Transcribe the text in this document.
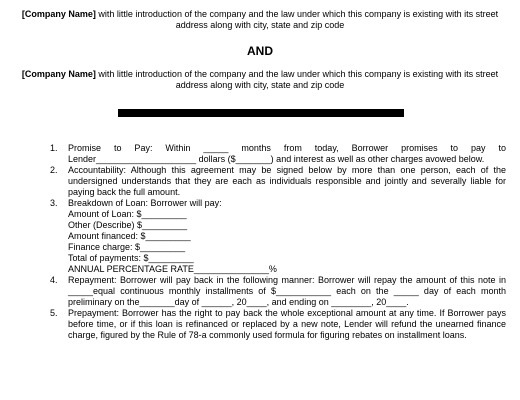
[Company Name] with little introduction of the company and the law under which this company is existing with its street address along with city, state and zip code
AND
[Company Name] with little introduction of the company and the law under which this company is existing with its street address along with city, state and zip code
1.	Promise to Pay: Within _____ months from today, Borrower promises to pay to Lender____________________ dollars ($_______) and interest as well as other charges avowed below.
2.	Accountability: Although this agreement may be signed below by more than one person, each of the undersigned understands that they are each as individuals responsible and jointly and severally liable for paying back the full amount.
3.	Breakdown of Loan: Borrower will pay:
Amount of Loan: $_________
Other (Describe) $_________
Amount financed: $_________
Finance charge: $_________
Total of payments: $_________
ANNUAL PERCENTAGE RATE_______________%
4.	Repayment: Borrower will pay back in the following manner: Borrower will repay the amount of this note in _____equal continuous monthly installments of $___________ each on the _____ day of each month preliminary on the_______day of ______, 20____, and ending on ________, 20____.
5.	Prepayment: Borrower has the right to pay back the whole exceptional amount at any time. If Borrower pays before time, or if this loan is refinanced or replaced by a new note, Lender will refund the unearned finance charge, figured by the Rule of 78-a commonly used formula for figuring rebates on installment loans.
